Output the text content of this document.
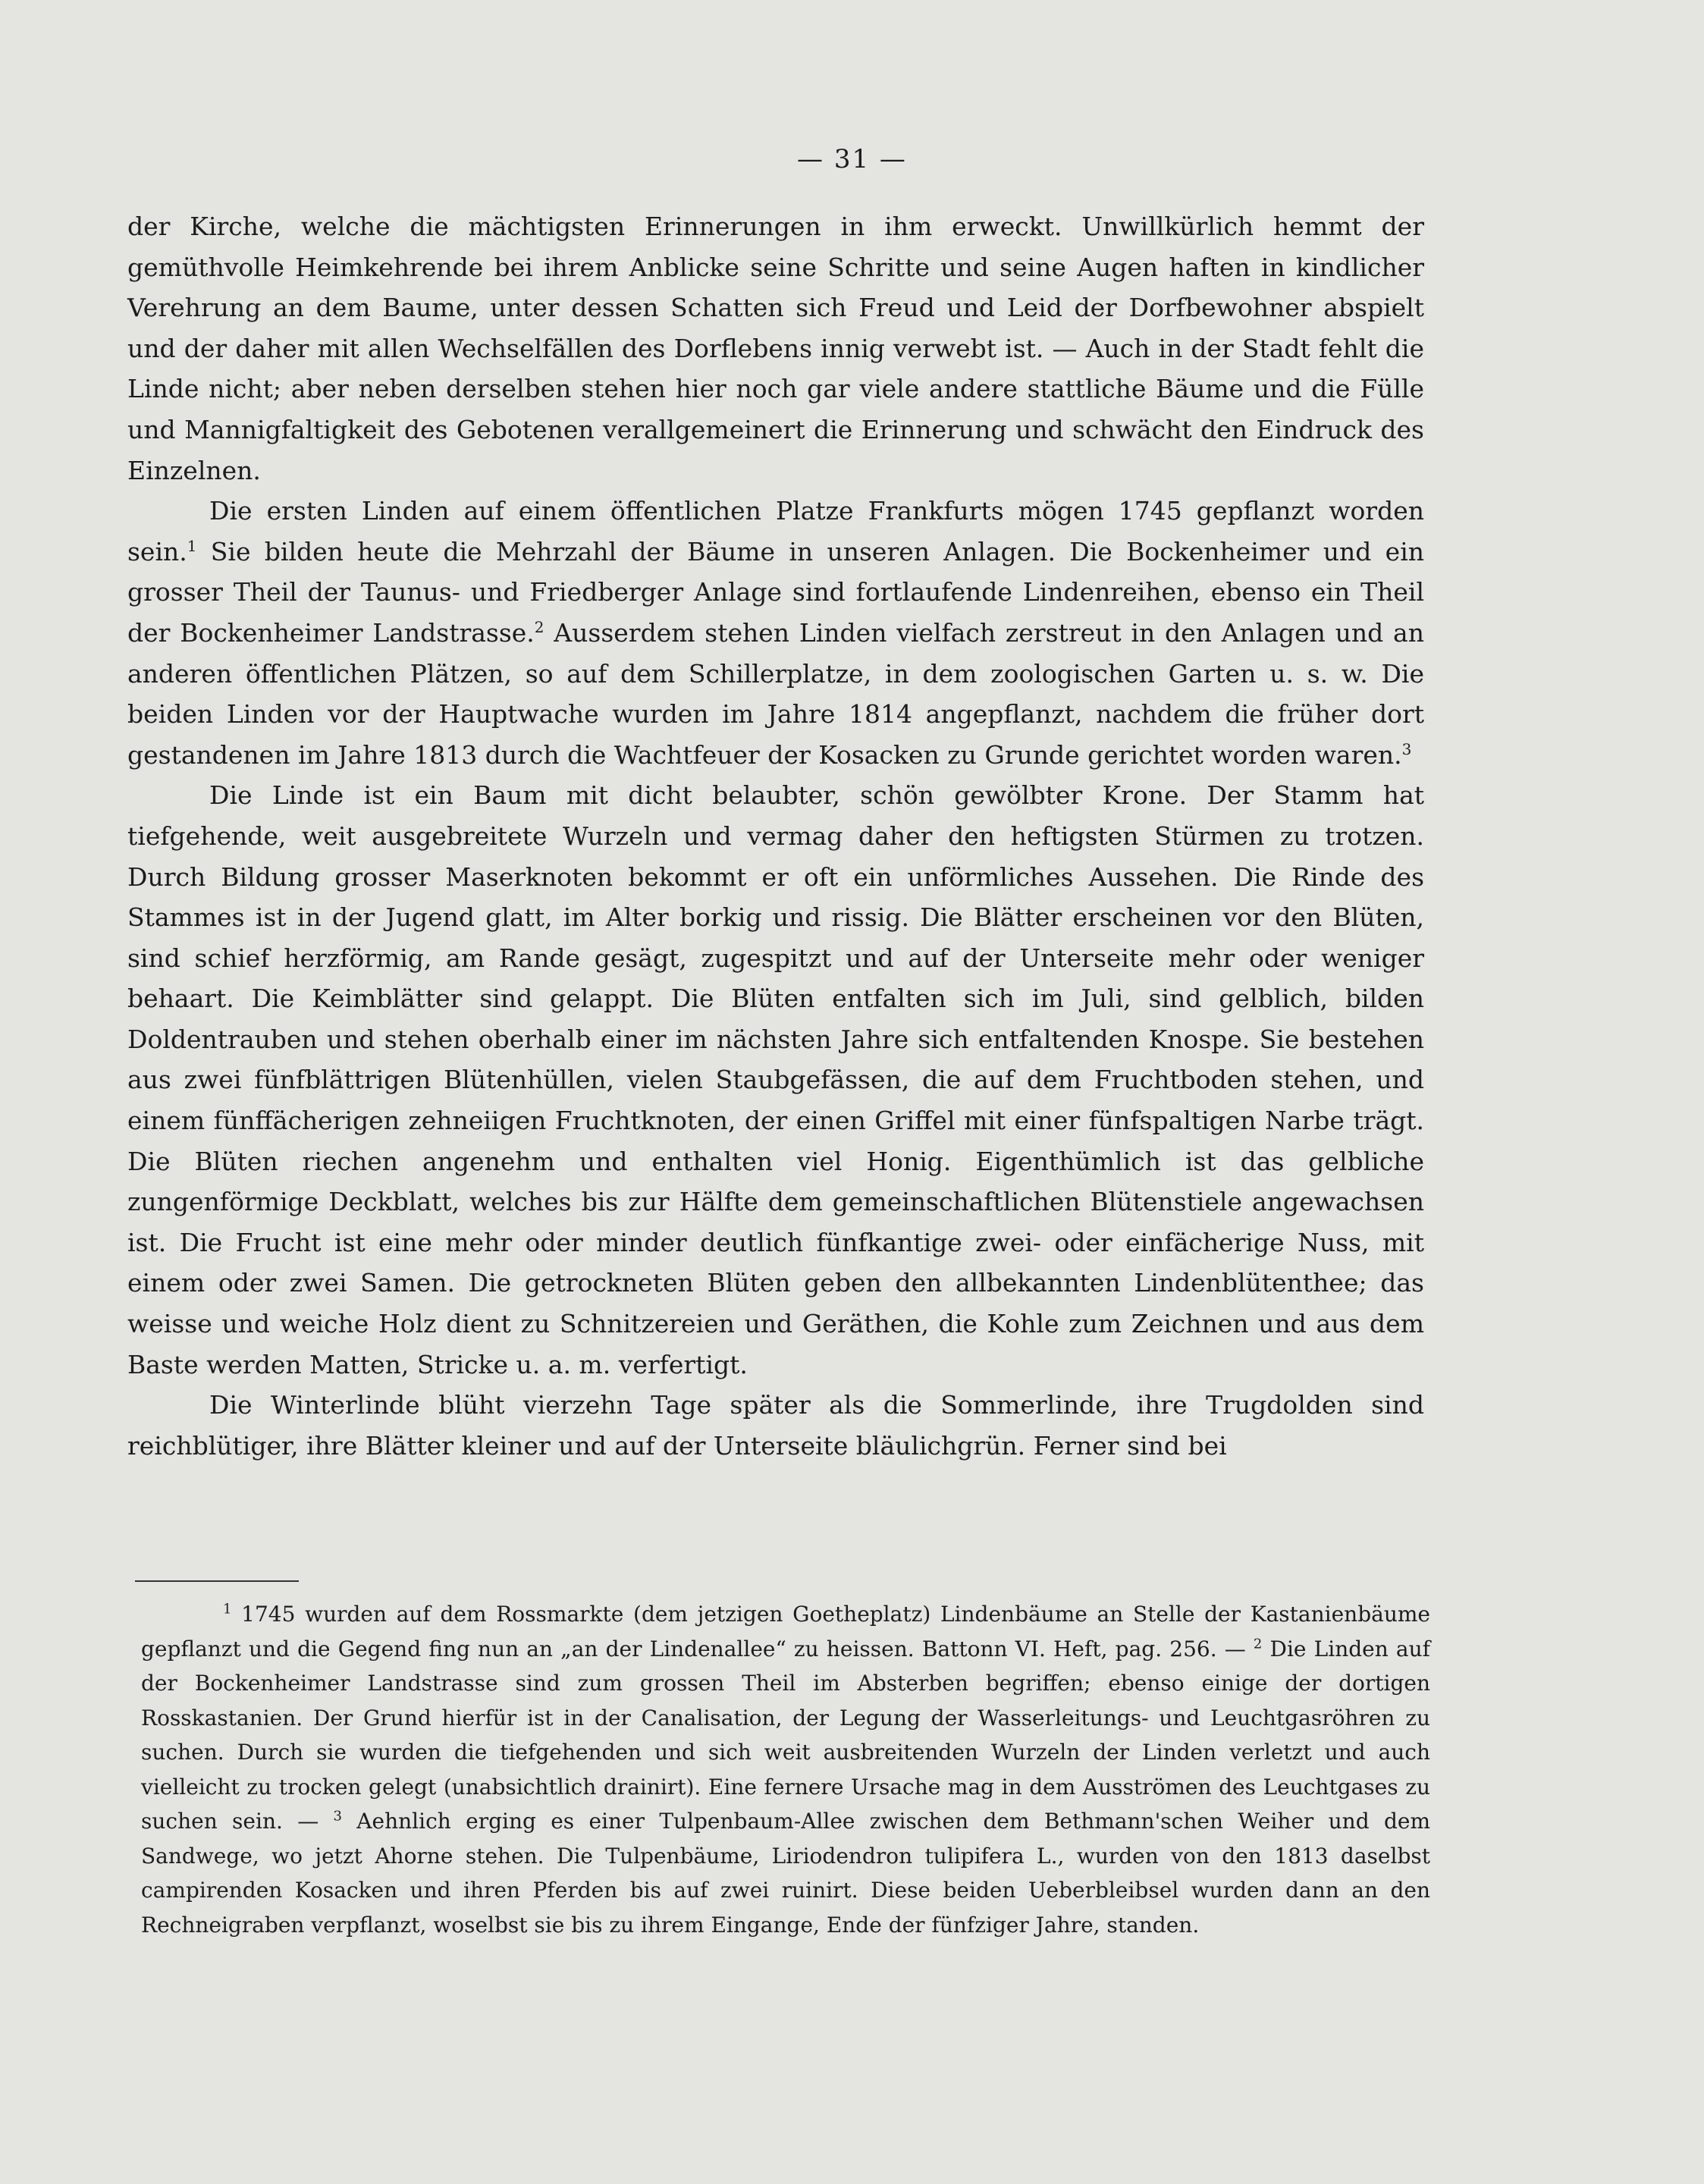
— 31 —

der Kirche, welche die mächtigsten Erinnerungen in ihm erweckt. Unwillkürlich hemmt der gemüthvolle Heimkehrende bei ihrem Anblicke seine Schritte und seine Augen haften in kindlicher Verehrung an dem Baume, unter dessen Schatten sich Freud und Leid der Dorfbewohner abspielt und der daher mit allen Wechselfällen des Dorflebens innig verwebt ist. — Auch in der Stadt fehlt die Linde nicht; aber neben derselben stehen hier noch gar viele andere stattliche Bäume und die Fülle und Mannigfaltigkeit des Gebotenen verallgemeinert die Erinnerung und schwächt den Eindruck des Einzelnen.

Die ersten Linden auf einem öffentlichen Platze Frankfurts mögen 1745 gepflanzt worden sein.$^1$ Sie bilden heute die Mehrzahl der Bäume in unseren Anlagen. Die Bockenheimer und ein grosser Theil der Taunus- und Friedberger Anlage sind fortlaufende Lindenreihen, ebenso ein Theil der Bockenheimer Landstrasse.$^2$ Ausserdem stehen Linden vielfach zerstreut in den Anlagen und an anderen öffentlichen Plätzen, so auf dem Schillerplatze, in dem zoologischen Garten u. s. w. Die beiden Linden vor der Hauptwache wurden im Jahre 1814 angepflanzt, nachdem die früher dort gestandenen im Jahre 1813 durch die Wachtfeuer der Kosacken zu Grunde gerichtet worden waren.$^3$

Die Linde ist ein Baum mit dicht belaubter, schön gewölbter Krone. Der Stamm hat tiefgehende, weit ausgebreitete Wurzeln und vermag daher den heftigsten Stürmen zu trotzen. Durch Bildung grosser Maserknoten bekommt er oft ein unförmliches Aussehen. Die Rinde des Stammes ist in der Jugend glatt, im Alter borkig und rissig. Die Blätter erscheinen vor den Blüten, sind schief herzförmig, am Rande gesägt, zugespitzt und auf der Unterseite mehr oder weniger behaart. Die Keimblätter sind gelappt. Die Blüten entfalten sich im Juli, sind gelblich, bilden Doldentrauben und stehen oberhalb einer im nächsten Jahre sich entfaltenden Knospe. Sie bestehen aus zwei fünfblättrigen Blütenhüllen, vielen Staubgefässen, die auf dem Fruchtboden stehen, und einem fünffächerigen zehneiigen Fruchtknoten, der einen Griffel mit einer fünfspaltigen Narbe trägt. Die Blüten riechen angenehm und enthalten viel Honig. Eigenthümlich ist das gelbliche zungenförmige Deckblatt, welches bis zur Hälfte dem gemeinschaftlichen Blütenstiele angewachsen ist. Die Frucht ist eine mehr oder minder deutlich fünfkantige zwei- oder einfächerige Nuss, mit einem oder zwei Samen. Die getrockneten Blüten geben den allbekannten Lindenblütenthee; das weisse und weiche Holz dient zu Schnitzereien und Geräthen, die Kohle zum Zeichnen und aus dem Baste werden Matten, Stricke u. a. m. verfertigt.

Die Winterlinde blüht vierzehn Tage später als die Sommerlinde, ihre Trugdolden sind reichblütiger, ihre Blätter kleiner und auf der Unterseite bläulichgrün. Ferner sind bei

$^1$ 1745 wurden auf dem Rossmarkte (dem jetzigen Goetheplatz) Lindenbäume an Stelle der Kastanienbäume gepflanzt und die Gegend fing nun an „an der Lindenallee“ zu heissen. Battonn VI. Heft, pag. 256. — $^2$ Die Linden auf der Bockenheimer Landstrasse sind zum grossen Theil im Absterben begriffen; ebenso einige der dortigen Rosskastanien. Der Grund hierfür ist in der Canalisation, der Legung der Wasserleitungs- und Leuchtgasröhren zu suchen. Durch sie wurden die tiefgehenden und sich weit ausbreitenden Wurzeln der Linden verletzt und auch vielleicht zu trocken gelegt (unabsichtlich drainirt). Eine fernere Ursache mag in dem Ausströmen des Leuchtgases zu suchen sein. — $^3$ Aehnlich erging es einer Tulpenbaum-Allee zwischen dem Bethmann'schen Weiher und dem Sandwege, wo jetzt Ahorne stehen. Die Tulpenbäume, Liriodendron tulipifera L., wurden von den 1813 daselbst campirenden Kosacken und ihren Pferden bis auf zwei ruinirt. Diese beiden Ueberbleibsel wurden dann an den Rechneigraben verpflanzt, woselbst sie bis zu ihrem Eingange, Ende der fünfziger Jahre, standen.
